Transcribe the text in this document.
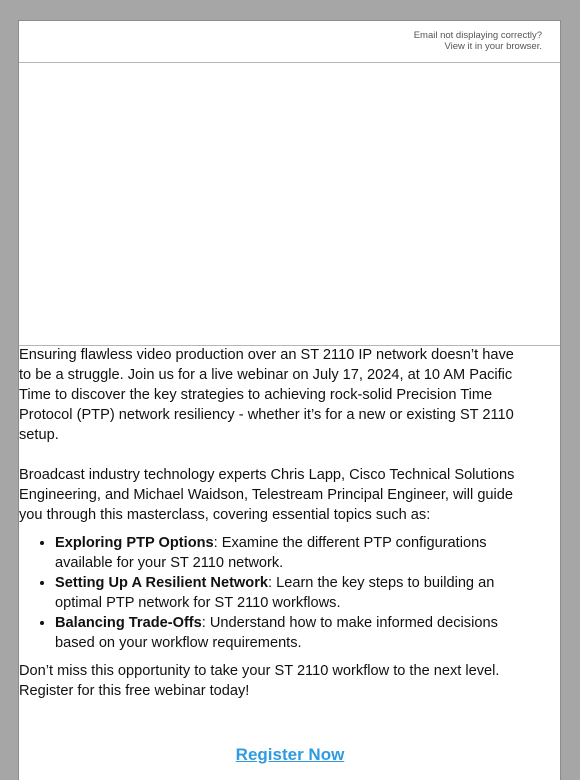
Email not displaying correctly?
View it in your browser.

Ensuring flawless video production over an ST 2110 IP network doesn’t have to be a struggle. Join us for a live webinar on July 17, 2024, at 10 AM Pacific Time to discover the key strategies to achieving rock-solid Precision Time Protocol (PTP) network resiliency - whether it’s for a new or existing ST 2110 setup.

Broadcast industry technology experts Chris Lapp, Cisco Technical Solutions Engineering, and Michael Waidson, Telestream Principal Engineer, will guide you through this masterclass, covering essential topics such as:

• Exploring PTP Options: Examine the different PTP configurations available for your ST 2110 network.
• Setting Up A Resilient Network: Learn the key steps to building an optimal PTP network for ST 2110 workflows.
• Balancing Trade-Offs: Understand how to make informed decisions based on your workflow requirements.

Don’t miss this opportunity to take your ST 2110 workflow to the next level. Register for this free webinar today!

Register Now
